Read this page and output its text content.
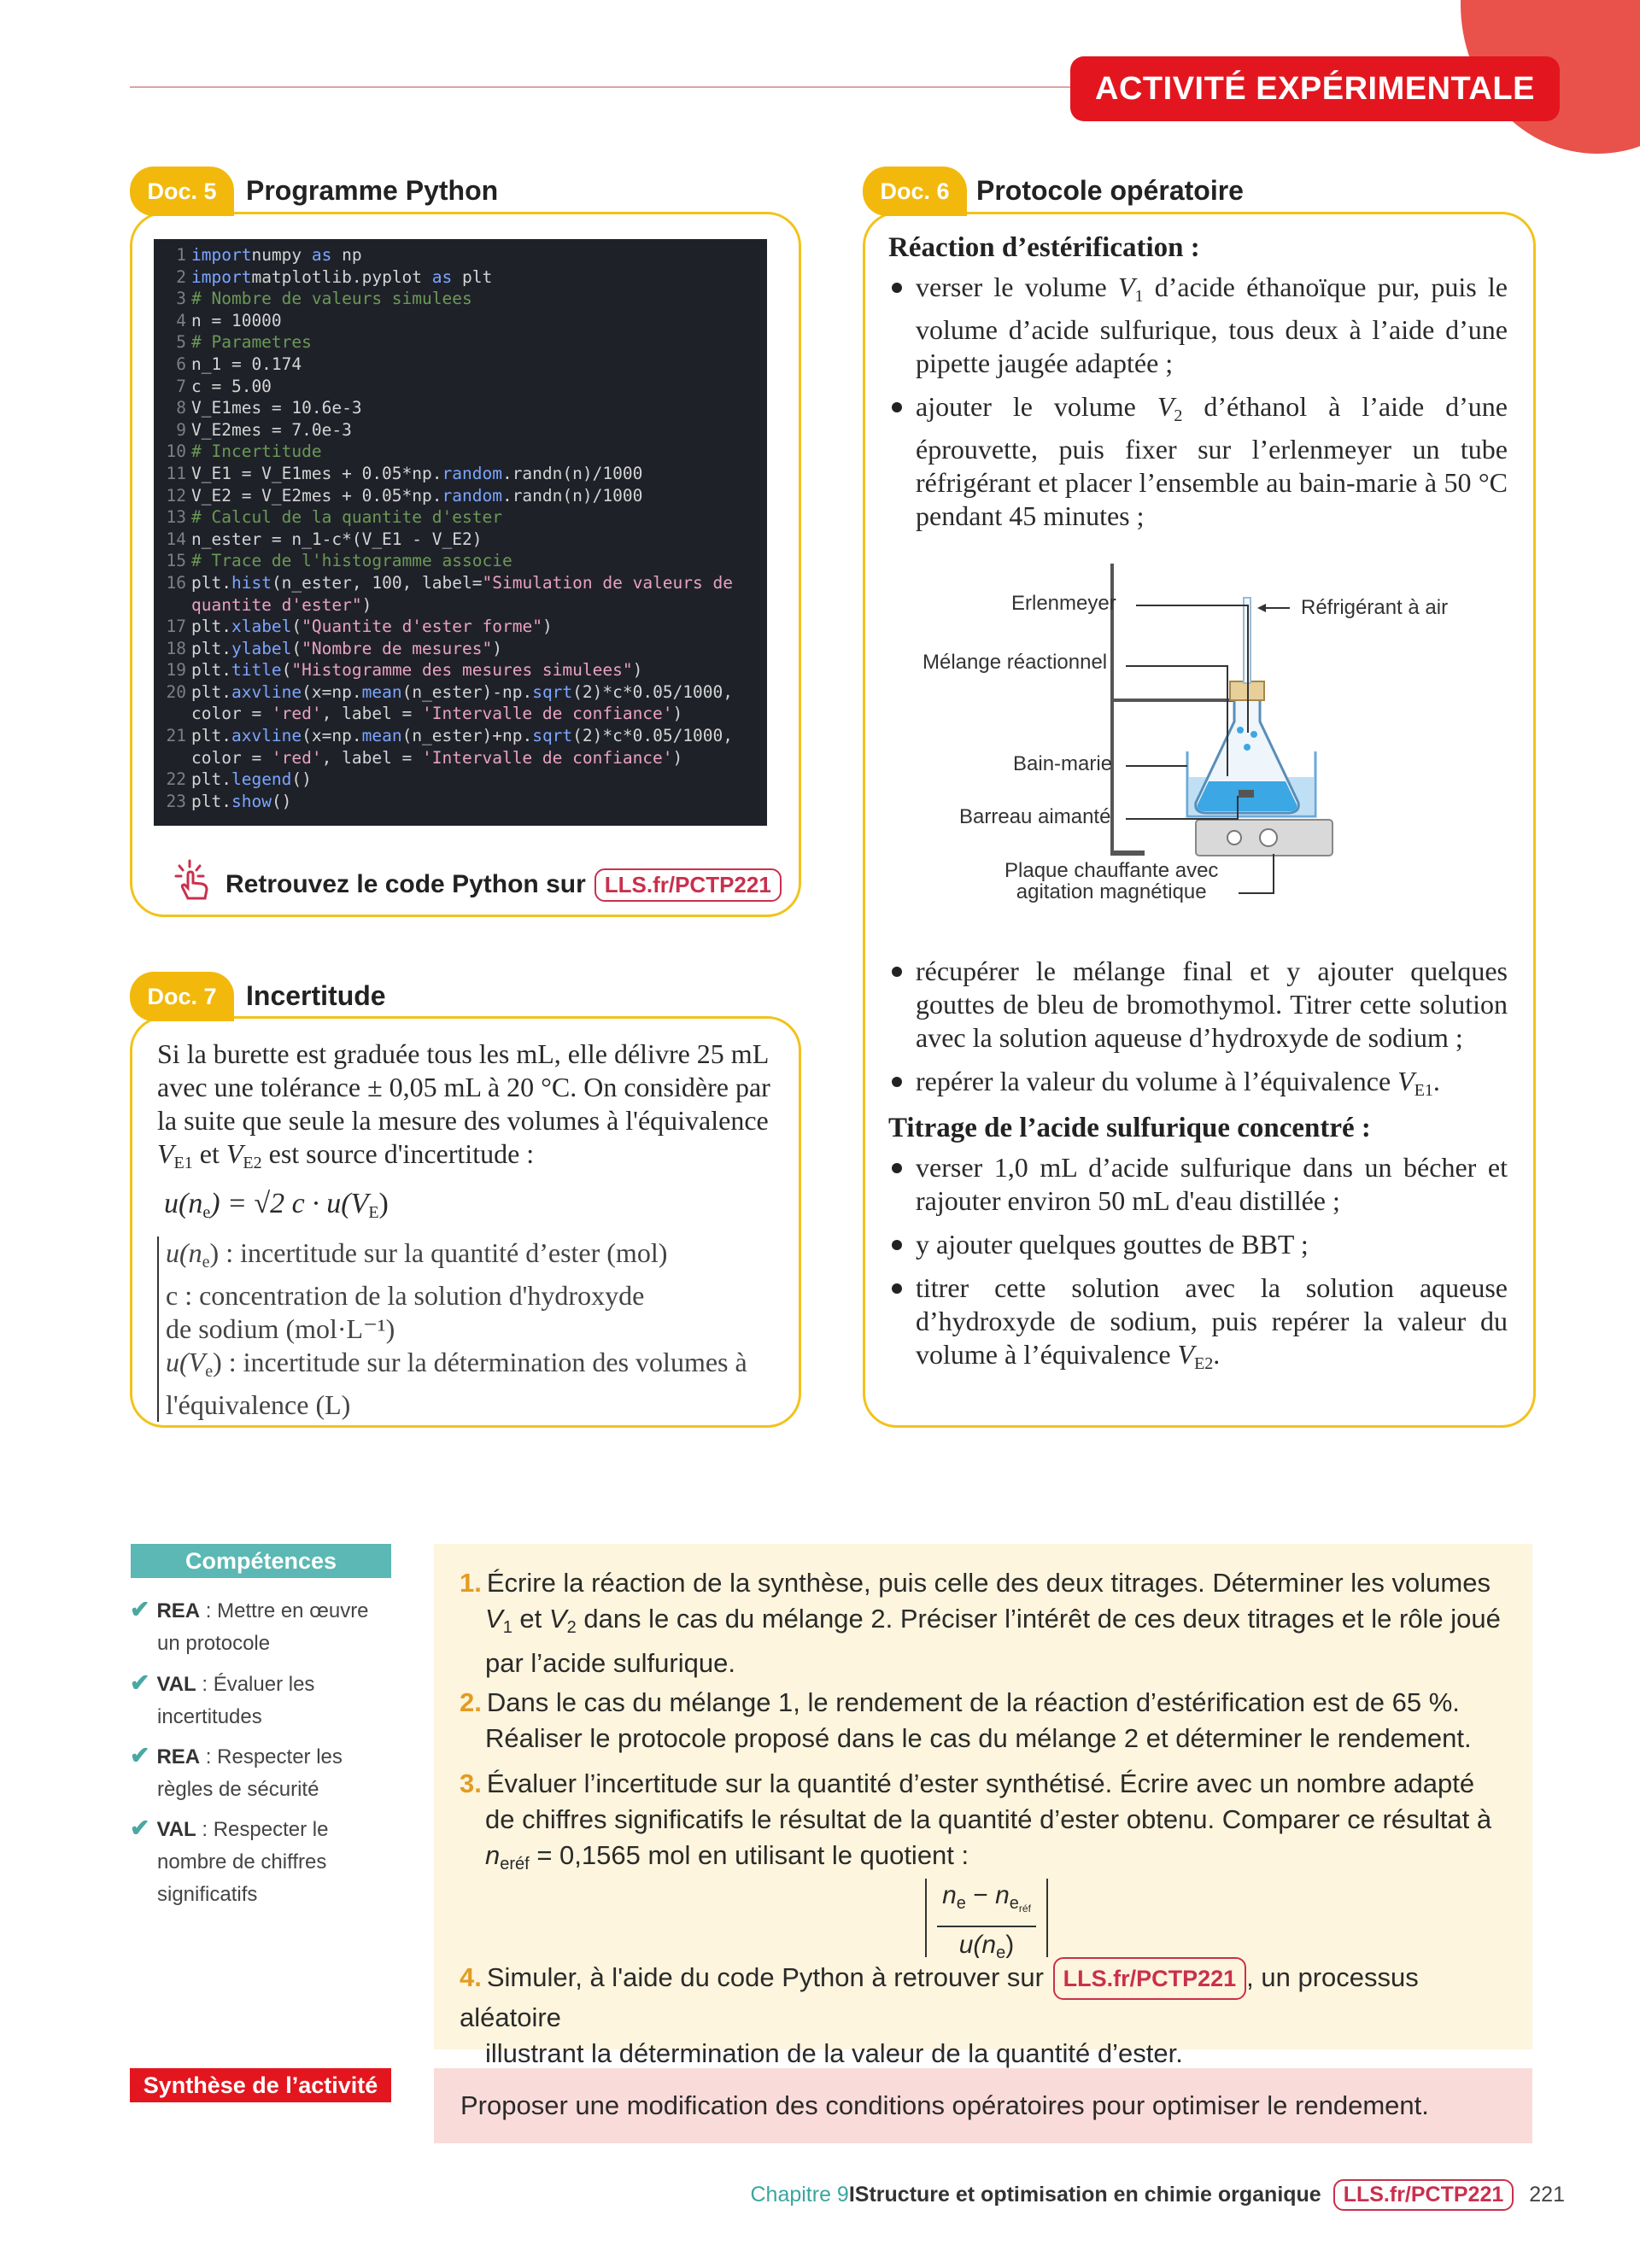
ACTIVITÉ EXPÉRIMENTALE
Doc. 5	Programme Python
1 importnumpy as np
2 importmatplotlib.pyplot as plt
3 # Nombre de valeurs simulees
4 n = 10000
5 # Parametres
6 n_1 = 0.174
7 c = 5.00
8 V_E1mes = 10.6e-3
9 V_E2mes = 7.0e-3
10 # Incertitude
11 V_E1 = V_E1mes + 0.05*np.random.randn(n)/1000
12 V_E2 = V_E2mes + 0.05*np.random.randn(n)/1000
13 # Calcul de la quantite d'ester
14 n_ester = n_1-c*(V_E1 - V_E2)
15 # Trace de l'histogramme associe
16 plt.hist(n_ester, 100, label="Simulation de valeurs de
quantite d'ester")
17 plt.xlabel("Quantite d'ester forme")
18 plt.ylabel("Nombre de mesures")
19 plt.title("Histogramme des mesures simulees")
20 plt.axvline(x=np.mean(n_ester)-np.sqrt(2)*c*0.05/1000,
color = 'red', label = 'Intervalle de confiance')
21 plt.axvline(x=np.mean(n_ester)+np.sqrt(2)*c*0.05/1000,
color = 'red', label = 'Intervalle de confiance')
22 plt.legend()
23 plt.show()
Retrouvez le code Python sur LLS.fr/PCTP221
Doc. 6 Protocole opératoire
Réaction d’estérification :
verser le volume $V_1$ d’acide éthanoïque pur, puis le volume d’acide sulfurique, tous deux à l’aide d’une pipette jaugée adaptée ;
ajouter le volume $V_2$ d’éthanol à l’aide d’une éprouvette, puis fixer sur l’erlenmeyer un tube réfrigérant et placer l’ensemble au bain-marie à 50 °C pendant 45 minutes ;
Erlenmeyer
Mélange réactionnel
Bain-marie
Barreau aimanté
Réfrigérant à air
Plaque chauffante avec
agitation magnétique
récupérer le mélange final et y ajouter quelques gouttes de bleu de bromothymol. Titrer cette solution avec la solution aqueuse d’hydroxyde de sodium ;
repérer la valeur du volume à l’équivalence $V_{E1}$.
Titrage de l’acide sulfurique concentré :
verser 1,0 mL d’acide sulfurique dans un bécher et rajouter environ 50 mL d'eau distillée ;
y ajouter quelques gouttes de BBT ;
titrer cette solution avec la solution aqueuse d’hydroxyde de sodium, puis repérer la valeur du volume à l’équivalence $V_{E2}$.
Doc. 7	Incertitude
Si la burette est graduée tous les mL, elle délivre 25 mL avec une tolérance ± 0,05 mL à 20 °C. On considère par la suite que seule la mesure des volumes à l'équivalence $V_{E1}$ et $V_{E2}$ est source d'incertitude :
$u(n_e) = √2$ $c \cdot u(V_E)$
$u(n_e)$ : incertitude sur la quantité d’ester (mol)
c : concentration de la solution d'hydroxyde
de sodium (mol·L⁻¹)
$u(V_e)$ : incertitude sur la détermination des volumes à
l'équivalence (L)
Compétences
✔ REA : Mettre en œuvre
un protocole
✔ VAL : Évaluer les
incertitudes
✔ REA : Respecter les
règles de sécurité
✔ VAL : Respecter le
nombre de chiffres
significatifs
1. Écrire la réaction de la synthèse, puis celle des deux titrages. Déterminer les volumes
$V_1$ et $V_2$ dans le cas du mélange 2. Préciser l’intérêt de ces deux titrages et le rôle joué
par l’acide sulfurique.
2. Dans le cas du mélange 1, le rendement de la réaction d’estérification est de 65 %.
Réaliser le protocole proposé dans le cas du mélange 2 et déterminer le rendement.
3. Évaluer l’incertitude sur la quantité d’ester synthétisé. Écrire avec un nombre adapté
de chiffres significatifs le résultat de la quantité d’ester obtenu. Comparer ce résultat à
$n_{eréf} = 0,1565$ mol en utilisant le quotient :
$n_e - n_{eréf}$
$u(n_e)$
4. Simuler, à l'aide du code Python à retrouver sur LLS.fr/PCTP221 , un processus aléatoire
illustrant la détermination de la valeur de la quantité d’ester.
Synthèse de l’activité
Proposer une modification des conditions opératoires pour optimiser le rendement.
Chapitre 9 I Structure et optimisation en chimie organique	LLS.fr/PCTP221	221
